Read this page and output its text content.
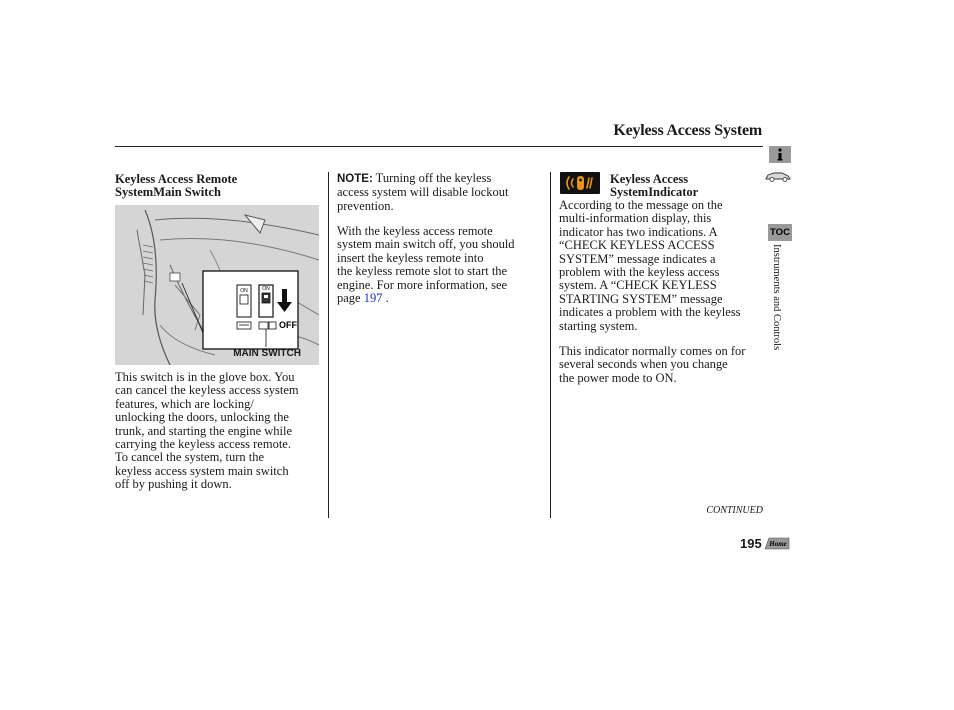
Keyless Access System
Keyless Access Remote
SystemMain Switch
ON	ON
OFF
MAIN SWITCH
This switch is in the glove box. You
can cancel the keyless access system
features, which are locking/
unlocking the doors, unlocking the
trunk, and starting the engine while
carrying the keyless access remote.
To cancel the system, turn the
keyless access system main switch
off by pushing it down.
NOTE: Turning off the keyless
access system will disable lockout
prevention.
With the keyless access remote
system main switch off, you should
insert the keyless remote into
the keyless remote slot to start the
engine. For more information, see
page 197 .
Keyless Access
SystemIndicator
According to the message on the
multi-information display, this
indicator has two indications. A
“CHECK KEYLESS ACCESS
SYSTEM” message indicates a
problem with the keyless access
system. A “CHECK KEYLESS
STARTING SYSTEM” message
indicates a problem with the keyless
starting system.
This indicator normally comes on for
several seconds when you change
the power mode to ON.
CONTINUED
195 Home
TOC
Instruments and Controls
